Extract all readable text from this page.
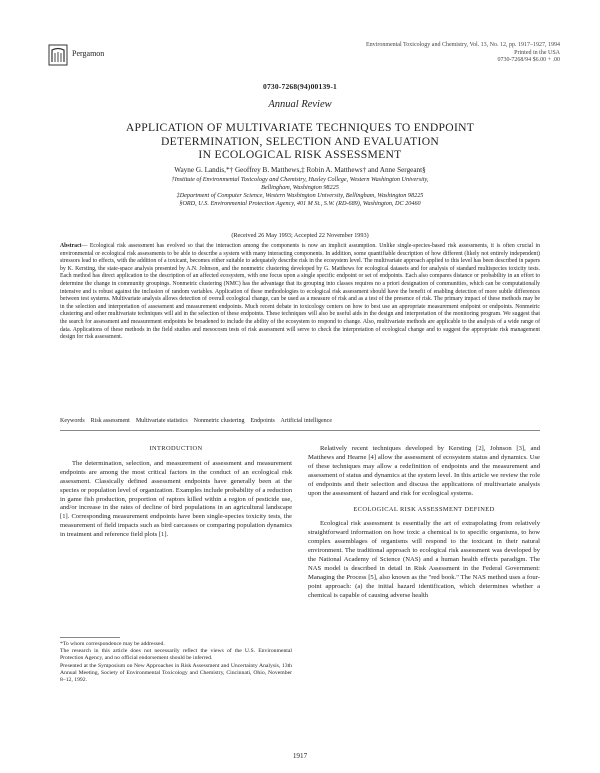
Pergamon
Environmental Toxicology and Chemistry, Vol. 13, No. 12, pp. 1917–1927, 1994
Printed in the USA
0730-7268/94 $6.00 + .00
0730-7268(94)00139-1
Annual Review
APPLICATION OF MULTIVARIATE TECHNIQUES TO ENDPOINT
DETERMINATION, SELECTION AND EVALUATION
IN ECOLOGICAL RISK ASSESSMENT
Wayne G. Landis,*† Geoffrey B. Matthews,‡ Robin A. Matthews† and Anne Sergeant§
†Institute of Environmental Toxicology and Chemistry, Huxley College, Western Washington University,
Bellingham, Washington 98225
‡Department of Computer Science, Western Washington University, Bellingham, Washington 98225
§ORD, U.S. Environmental Protection Agency, 401 M St., S.W. (RD-689), Washington, DC 20460
(Received 26 May 1993; Accepted 22 November 1993)
Abstract— Ecological risk assessment has evolved so that the interaction among the components is now an implicit assumption. Unlike single-species-based risk assessments, it is often crucial in environmental or ecological risk assessments to be able to describe a system with many interacting components. In addition, some quantifiable description of how different (likely not entirely independent) stressors lead to effects, with the addition of a toxicant, becomes either suitable to adequately describe risk in the ecosystem level. The multivariate approach applied to this level has been described in papers by K. Kersting, the state-space analysis presented by A.N. Johnson, and the nonmetric clustering developed by G. Matthews for ecological datasets and for analysis of standard multispecies toxicity tests. Each method has direct application to the description of an affected ecosystem, with one focus upon a single specific endpoint or set of endpoints. Each also compares distance or probability in an effort to determine the change in community groupings. Nonmetric clustering (NMC) has the advantage that its grouping into classes requires no a priori designation of communities, which can be computationally intensive and is robust against the inclusion of random variables. Application of these methodologies to ecological risk assessment should have the benefit of enabling detection of more subtle differences between test systems. Multivariate analysis allows detection of overall ecological change, can be used as a measure of risk and as a test of the presence of risk. The primary impact of these methods may be in the selection and interpretation of assessment and measurement endpoints. Much recent debate in toxicology centers on how to best use an appropriate measurement endpoint or endpoints. Nonmetric clustering and other multivariate techniques will aid in the selection of these endpoints. These techniques will also be useful aids in the design and interpretation of the monitoring program. We suggest that the search for assessment and measurement endpoints be broadened to include the ability of the ecosystem to respond to change. Also, multivariate methods are applicable to the analysis of a wide range of data. Applications of these methods in the field studies and mesocosm tests of risk assessment will serve to check the interpretation of ecological change and to suggest the appropriate risk management design for risk assessment.
Keywords Risk assessment Multivariate statistics Nonmetric clustering Endpoints Artificial intelligence
INTRODUCTION

The determination, selection, and measurement of assessment and measurement endpoints are among the most critical factors in the conduct of an ecological risk assessment. Classically defined assessment endpoints have generally been at the species or population level of organization. Examples include probability of a reduction in game fish production, proportion of raptors killed within a region of pesticide use, and/or increase in the rates of decline of bird populations in an agricultural landscape [1]. Corresponding measurement endpoints have been single-species toxicity tests, the measurement of field impacts such as bird carcasses or comparing population dynamics in treatment and reference field plots [1].

Relatively recent techniques developed by Kersting [2], Johnson [3], and Matthews and Hearne [4] allow the assessment of ecosystem status and dynamics. Use of these techniques may allow a redefinition of endpoints and the measurement and assessment of status and dynamics at the system level. In this article we review the role of endpoints and their selection and discuss the applications of multivariate analysis upon the assessment of hazard and risk for ecological systems.

ECOLOGICAL RISK ASSESSMENT DEFINED

Ecological risk assessment is essentially the art of extrapolating from relatively straightforward information on how toxic a chemical is to specific organisms, to how complex assemblages of organisms will respond to the toxicant in their natural environment. The traditional approach to ecological risk assessment was developed by the National Academy of Science (NAS) and a human health effects paradigm. The NAS model is described in detail in Risk Assessment in the Federal Government: Managing the Process [5], also known as the "red book." The NAS method uses a four-point approach: (a) the initial hazard identification, which determines whether a chemical is capable of causing adverse health

*To whom correspondence may be addressed.

The research in this article does not necessarily reflect the views of the U.S. Environmental Protection Agency, and no official endorsement should be inferred.

Presented at the Symposium on New Approaches in Risk Assessment and Uncertainty Analysis, 13th Annual Meeting, Society of Environmental Toxicology and Chemistry, Cincinnati, Ohio, November 8–12, 1992.

1917
